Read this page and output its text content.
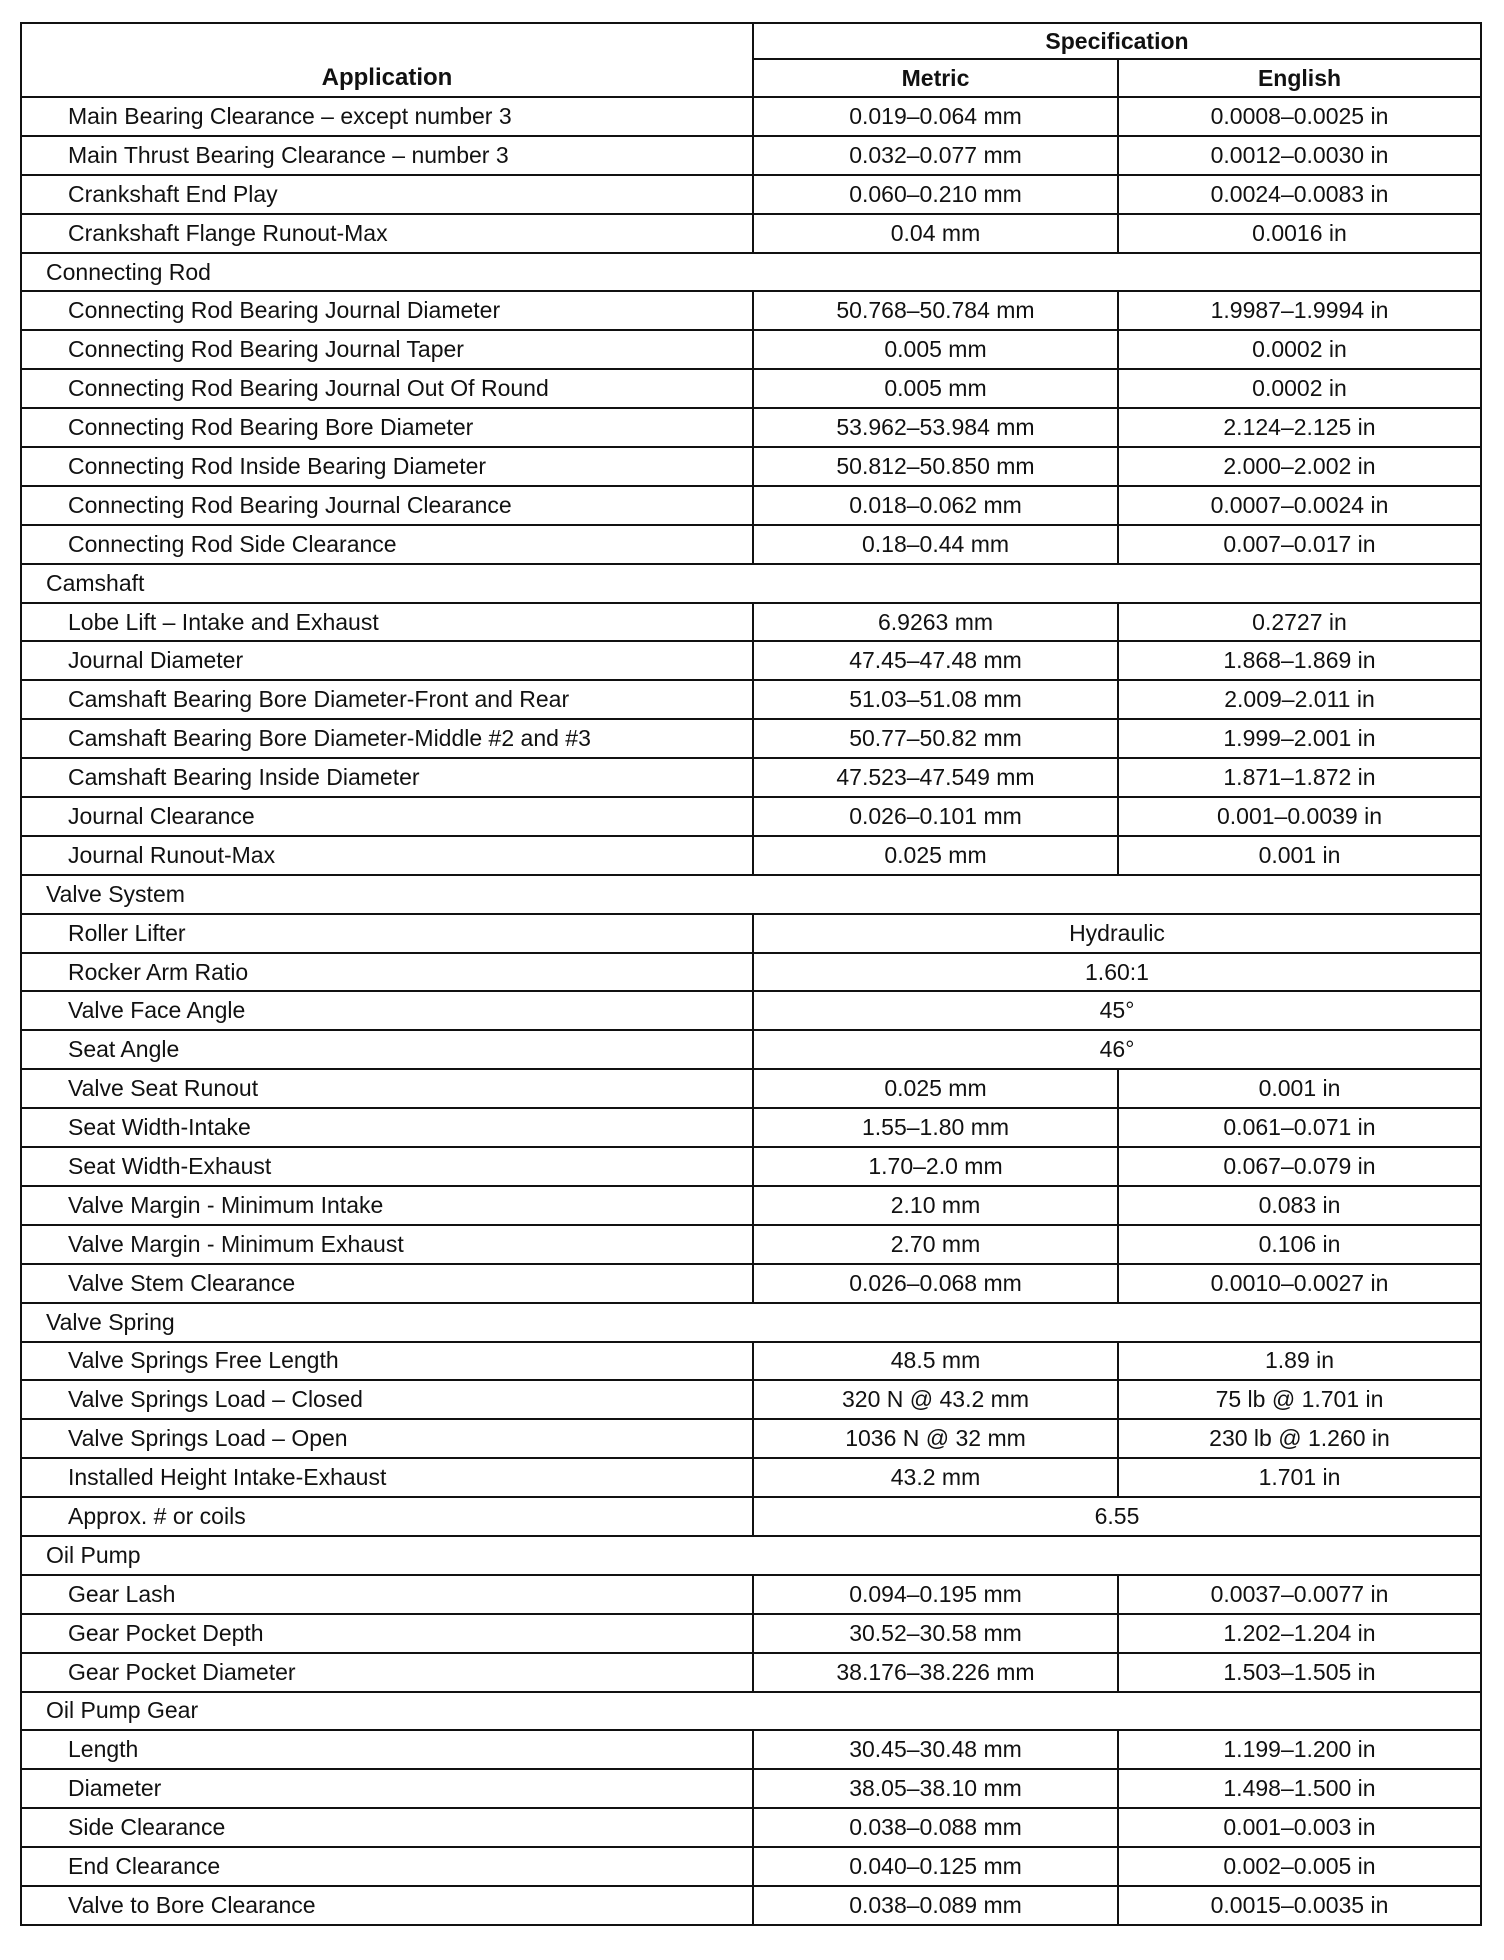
Application	Specification	
	Metric	English
Main Bearing Clearance – except number 3	0.019–0.064 mm	0.0008–0.0025 in
Main Thrust Bearing Clearance – number 3	0.032–0.077 mm	0.0012–0.0030 in
Crankshaft End Play	0.060–0.210 mm	0.0024–0.0083 in
Crankshaft Flange Runout-Max	0.04 mm	0.0016 in
Connecting Rod		
Connecting Rod Bearing Journal Diameter	50.768–50.784 mm	1.9987–1.9994 in
Connecting Rod Bearing Journal Taper	0.005 mm	0.0002 in
Connecting Rod Bearing Journal Out Of Round	0.005 mm	0.0002 in
Connecting Rod Bearing Bore Diameter	53.962–53.984 mm	2.124–2.125 in
Connecting Rod Inside Bearing Diameter	50.812–50.850 mm	2.000–2.002 in
Connecting Rod Bearing Journal Clearance	0.018–0.062 mm	0.0007–0.0024 in
Connecting Rod Side Clearance	0.18–0.44 mm	0.007–0.017 in
Camshaft		
Lobe Lift – Intake and Exhaust	6.9263 mm	0.2727 in
Journal Diameter	47.45–47.48 mm	1.868–1.869 in
Camshaft Bearing Bore Diameter-Front and Rear	51.03–51.08 mm	2.009–2.011 in
Camshaft Bearing Bore Diameter-Middle #2 and #3	50.77–50.82 mm	1.999–2.001 in
Camshaft Bearing Inside Diameter	47.523–47.549 mm	1.871–1.872 in
Journal Clearance	0.026–0.101 mm	0.001–0.0039 in
Journal Runout-Max	0.025 mm	0.001 in
Valve System		
Roller Lifter	Hydraulic	
Rocker Arm Ratio	1.60:1	
Valve Face Angle	45°	
Seat Angle	46°	
Valve Seat Runout	0.025 mm	0.001 in
Seat Width-Intake	1.55–1.80 mm	0.061–0.071 in
Seat Width-Exhaust	1.70–2.0 mm	0.067–0.079 in
Valve Margin - Minimum Intake	2.10 mm	0.083 in
Valve Margin - Minimum Exhaust	2.70 mm	0.106 in
Valve Stem Clearance	0.026–0.068 mm	0.0010–0.0027 in
Valve Spring		
Valve Springs Free Length	48.5 mm	1.89 in
Valve Springs Load – Closed	320 N @ 43.2 mm	75 lb @ 1.701 in
Valve Springs Load – Open	1036 N @ 32 mm	230 lb @ 1.260 in
Installed Height Intake-Exhaust	43.2 mm	1.701 in
Approx. # or coils	6.55	
Oil Pump		
Gear Lash	0.094–0.195 mm	0.0037–0.0077 in
Gear Pocket Depth	30.52–30.58 mm	1.202–1.204 in
Gear Pocket Diameter	38.176–38.226 mm	1.503–1.505 in
Oil Pump Gear		
Length	30.45–30.48 mm	1.199–1.200 in
Diameter	38.05–38.10 mm	1.498–1.500 in
Side Clearance	0.038–0.088 mm	0.001–0.003 in
End Clearance	0.040–0.125 mm	0.002–0.005 in
Valve to Bore Clearance	0.038–0.089 mm	0.0015–0.0035 in
